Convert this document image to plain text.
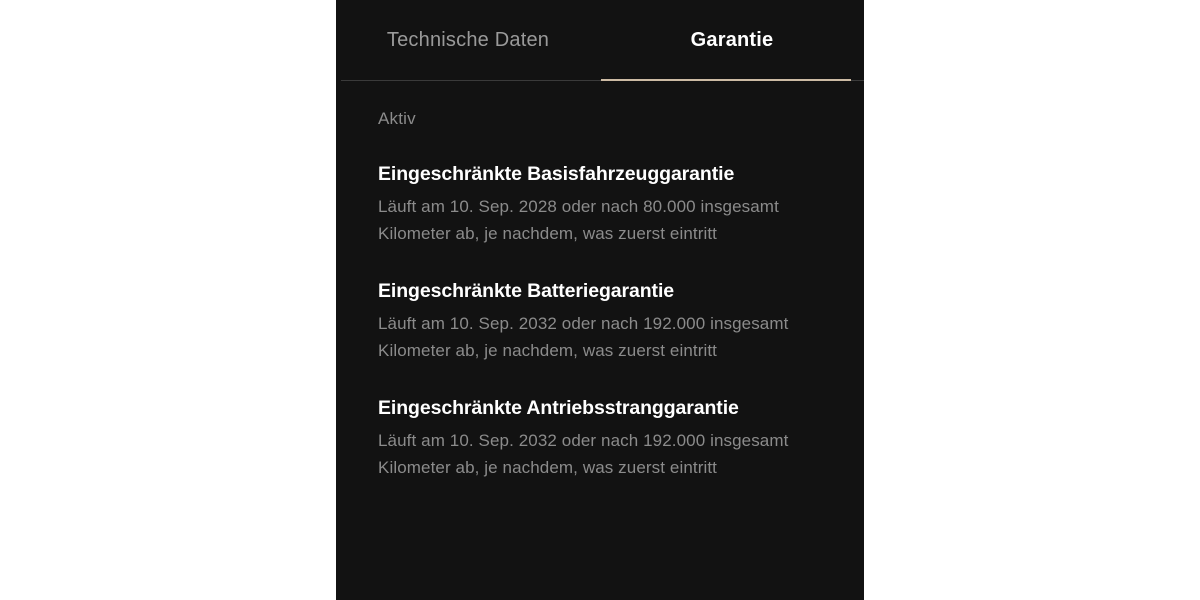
Technische Daten	Garantie
Aktiv
Eingeschränkte Basisfahrzeuggarantie
Läuft am 10. Sep. 2028 oder nach 80.000 insgesamt Kilometer ab, je nachdem, was zuerst eintritt
Eingeschränkte Batteriegarantie
Läuft am 10. Sep. 2032 oder nach 192.000 insgesamt Kilometer ab, je nachdem, was zuerst eintritt
Eingeschränkte Antriebsstranggarantie
Läuft am 10. Sep. 2032 oder nach 192.000 insgesamt Kilometer ab, je nachdem, was zuerst eintritt
